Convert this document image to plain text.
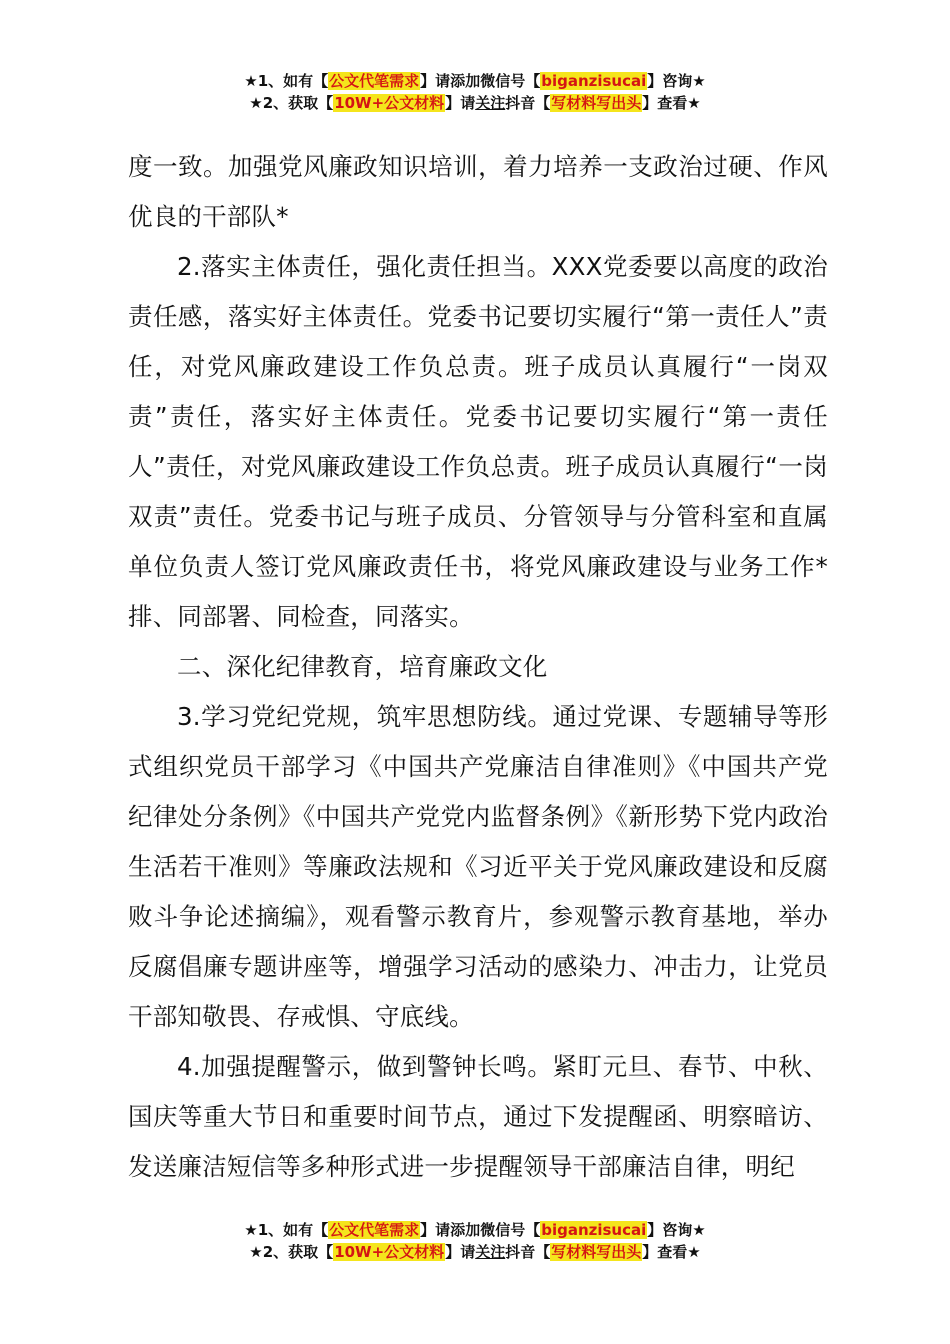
★1、如有【公文代笔需求】请添加微信号【biganzisucai】咨询★
★2、获取【10W+公文材料】请关注抖音【写材料写出头】查看★

度一致。加强党风廉政知识培训，着力培养一支政治过硬、作风优良的干部队*

2.落实主体责任，强化责任担当。XXX党委要以高度的政治责任感，落实好主体责任。党委书记要切实履行“第一责任人”责任，对党风廉政建设工作负总责。班子成员认真履行“一岗双责”责任，落实好主体责任。党委书记要切实履行“第一责任人”责任，对党风廉政建设工作负总责。班子成员认真履行“一岗双责”责任。党委书记与班子成员、分管领导与分管科室和直属单位负责人签订党风廉政责任书，将党风廉政建设与业务工作*排、同部署、同检查，同落实。

二、深化纪律教育，培育廉政文化

3.学习党纪党规，筑牢思想防线。通过党课、专题辅导等形式组织党员干部学习《中国共产党廉洁自律准则》《中国共产党纪律处分条例》《中国共产党党内监督条例》《新形势下党内政治生活若干准则》等廉政法规和《习近平关于党风廉政建设和反腐败斗争论述摘编》，观看警示教育片，参观警示教育基地，举办反腐倡廉专题讲座等，增强学习活动的感染力、冲击力，让党员干部知敬畏、存戒惧、守底线。

4.加强提醒警示，做到警钟长鸣。紧盯元旦、春节、中秋、国庆等重大节日和重要时间节点，通过下发提醒函、明察暗访、发送廉洁短信等多种形式进一步提醒领导干部廉洁自律，明纪

★1、如有【公文代笔需求】请添加微信号【biganzisucai】咨询★
★2、获取【10W+公文材料】请关注抖音【写材料写出头】查看★
